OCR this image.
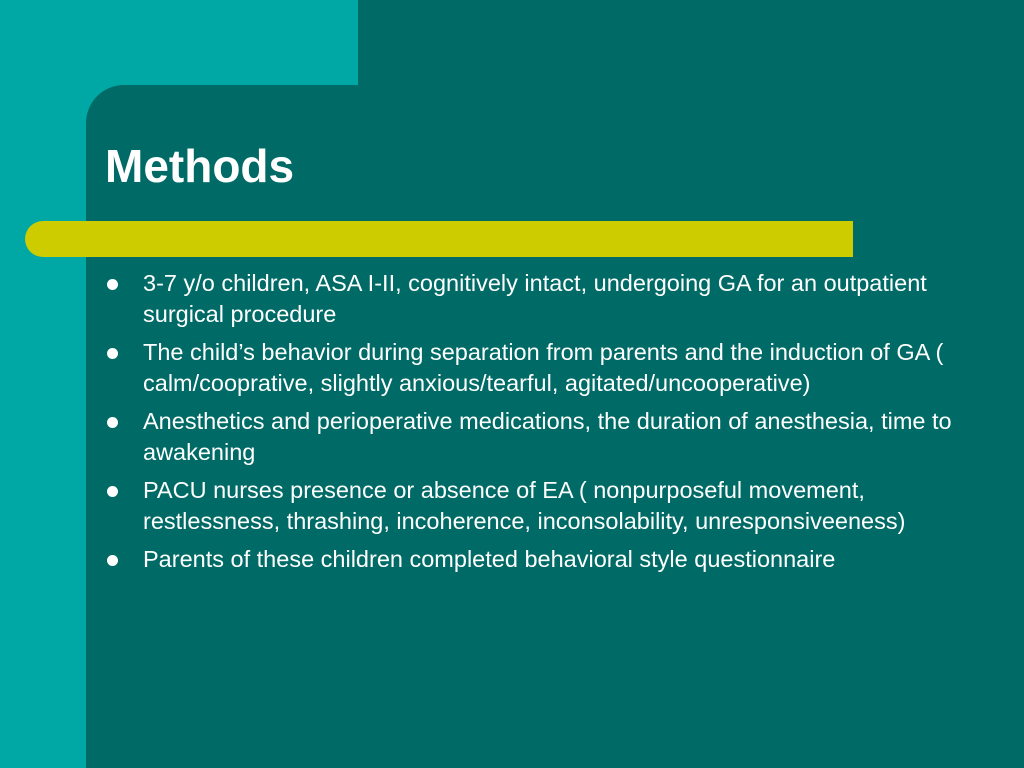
Methods
3-7 y/o children, ASA I-II, cognitively intact, undergoing GA for an outpatient surgical procedure
The child’s behavior during separation from parents and the induction of GA ( calm/cooprative, slightly anxious/tearful, agitated/uncooperative)
Anesthetics and perioperative medications, the duration of anesthesia, time to awakening
PACU nurses presence or absence of EA ( nonpurposeful movement, restlessness, thrashing, incoherence, inconsolability, unresponsiveeness)
Parents of these children completed behavioral style questionnaire
